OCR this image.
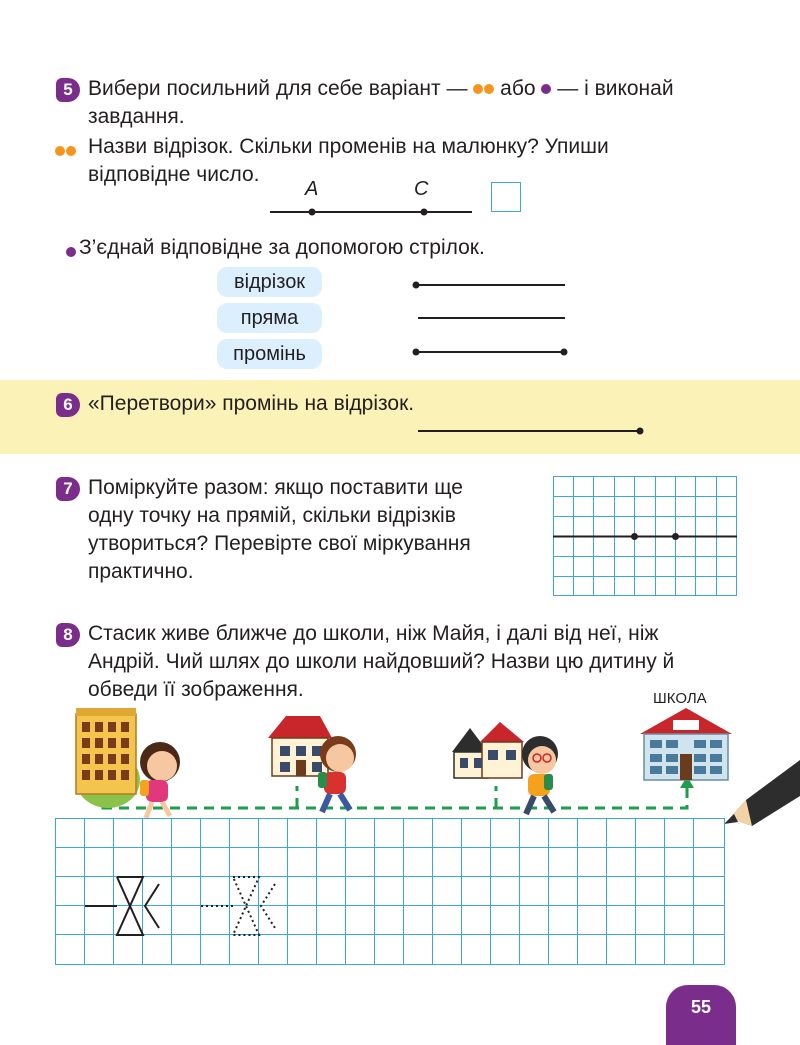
5 Вибери посильний для себе варіант — або — і виконай
завдання.
Назви відрізок. Скільки променів на малюнку? Упиши
відповідне число.
A	C
З’єднай відповідне за допомогою стрілок.
відрізок
пряма
промінь
6 «Перетвори» промінь на відрізок.
7 Поміркуйте разом: якщо поставити ще
одну точку на прямій, скільки відрізків
утвориться? Перевірте свої міркування
практично.
8 Стасик живе ближче до школи, ніж Майя, і далі від неї, ніж
Андрій. Чий шлях до школи найдовший? Назви цю дитину й
обведи її зображення.	ШКОЛА
55
